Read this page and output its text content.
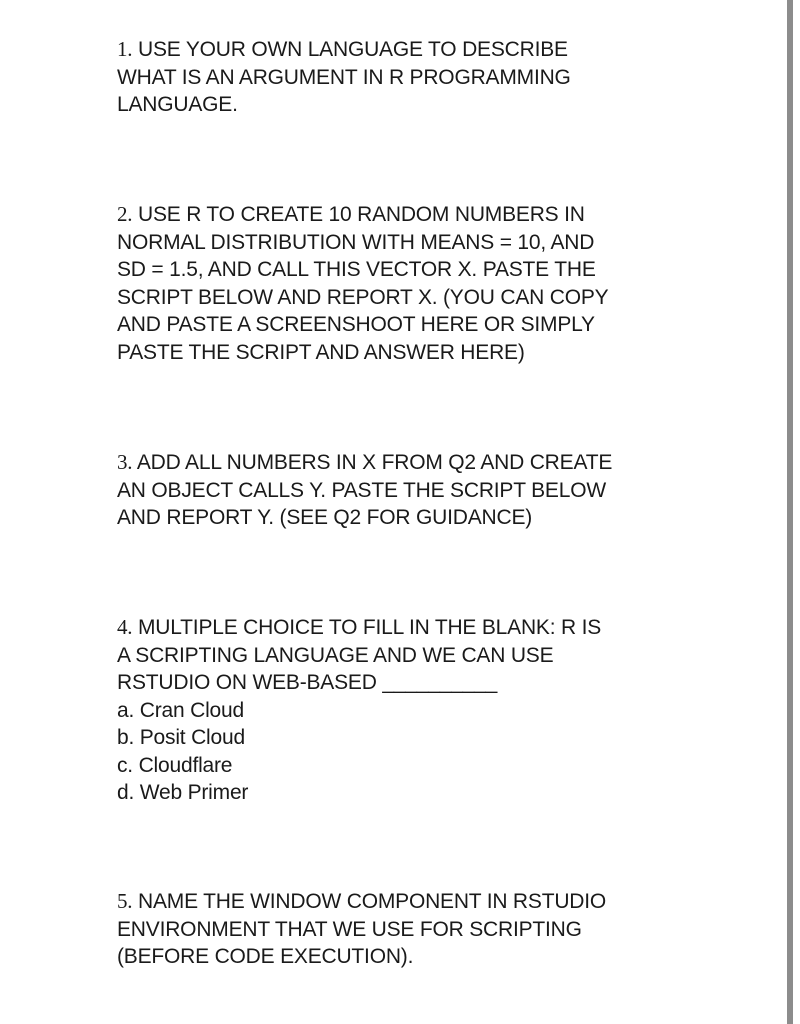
1. USE YOUR OWN LANGUAGE TO DESCRIBE
WHAT IS AN ARGUMENT IN R PROGRAMMING
LANGUAGE.
2. USE R TO CREATE 10 RANDOM NUMBERS IN
NORMAL DISTRIBUTION WITH MEANS = 10, AND
SD = 1.5, AND CALL THIS VECTOR X. PASTE THE
SCRIPT BELOW AND REPORT X. (YOU CAN COPY
AND PASTE A SCREENSHOOT HERE OR SIMPLY
PASTE THE SCRIPT AND ANSWER HERE)
3. ADD ALL NUMBERS IN X FROM Q2 AND CREATE
AN OBJECT CALLS Y. PASTE THE SCRIPT BELOW
AND REPORT Y. (SEE Q2 FOR GUIDANCE)
4. MULTIPLE CHOICE TO FILL IN THE BLANK: R IS
A SCRIPTING LANGUAGE AND WE CAN USE
RSTUDIO ON WEB-BASED __________
a. Cran Cloud
b. Posit Cloud
c. Cloudflare
d. Web Primer
5. NAME THE WINDOW COMPONENT IN RSTUDIO
ENVIRONMENT THAT WE USE FOR SCRIPTING
(BEFORE CODE EXECUTION).
